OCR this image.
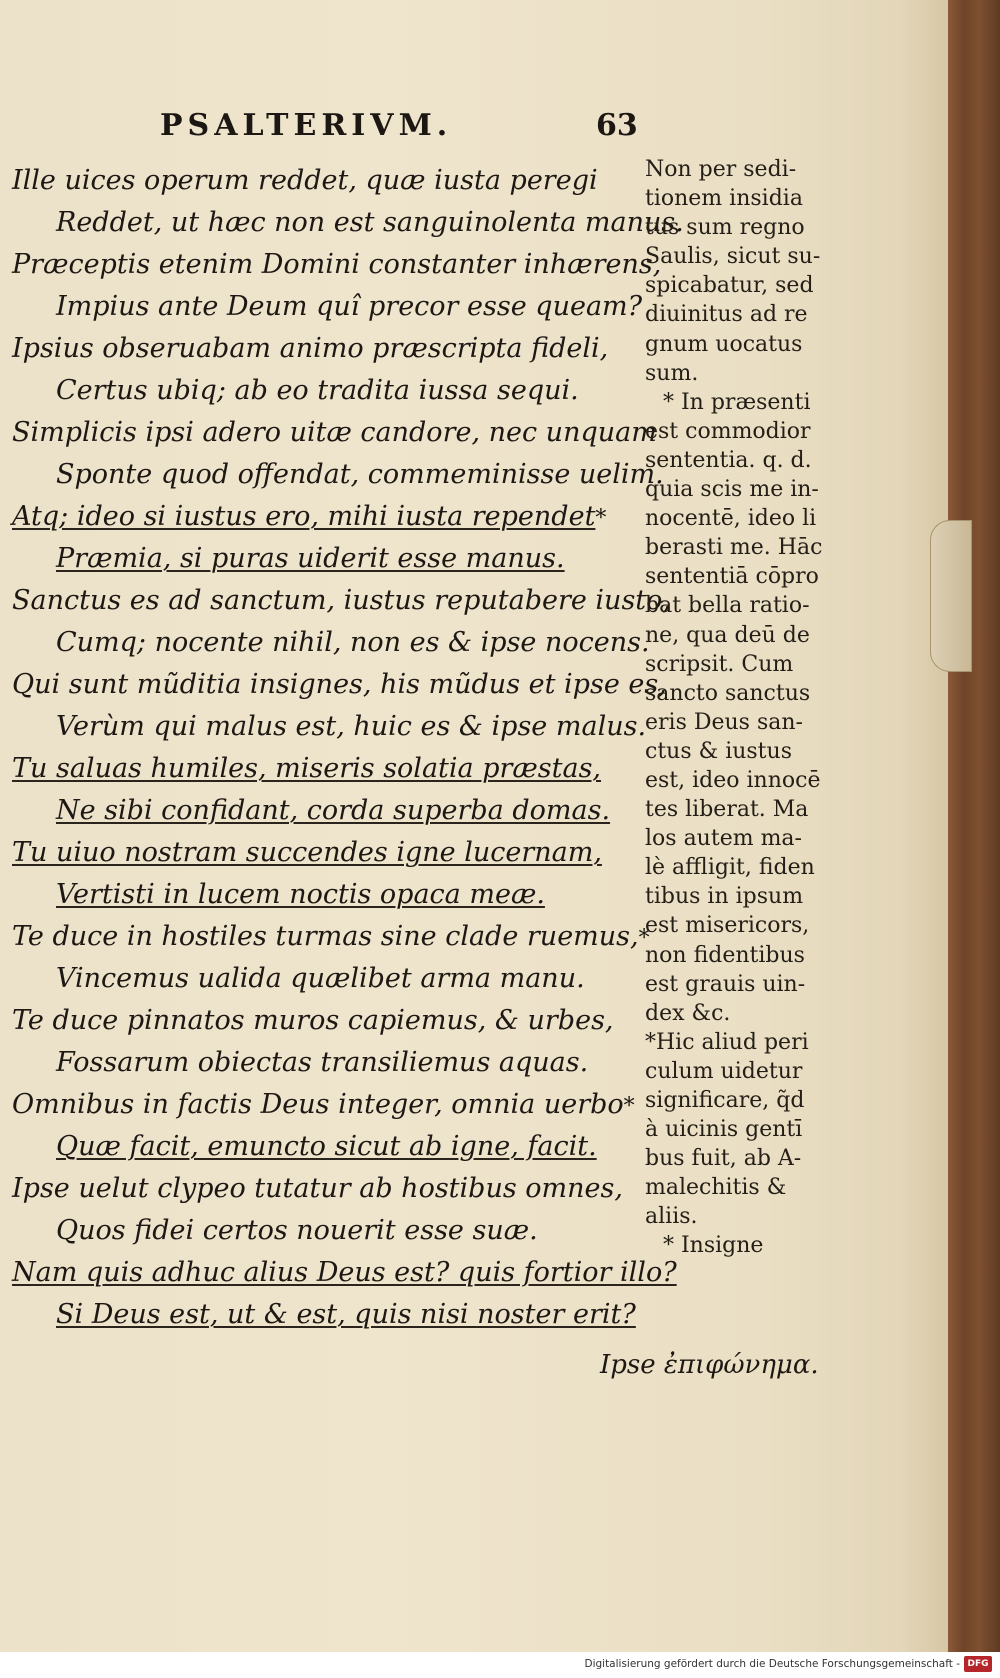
PSALTERIVM.	63
Ille uices operum reddet, quæ iusta peregi
Reddet, ut hæc non est sanguinolenta manus.
Præceptis etenim Domini constanter inhærens,
Impius ante Deum quî precor esse queam?
Ipsius obseruabam animo præscripta fideli,
Certus ubiq; ab eo tradita iussa sequi.
Simplicis ipsi adero uitæ candore, nec unquam
Sponte quod offendat, commeminisse uelim.
Atq; ideo si iustus ero, mihi iusta rependet*
Præmia, si puras uiderit esse manus.
Sanctus es ad sanctum, iustus reputabere iusto,
Cumq; nocente nihil, non es & ipse nocens.
Qui sunt mũditia insignes, his mũdus et ipse es,
Verùm qui malus est, huic es & ipse malus.
Tu saluas humiles, miseris solatia præstas,
Ne sibi confidant, corda superba domas.
Tu uiuo nostram succendes igne lucernam,
Vertisti in lucem noctis opaca meæ.
Te duce in hostiles turmas sine clade ruemus,*
Vincemus ualida quælibet arma manu.
Te duce pinnatos muros capiemus, & urbes,
Fossarum obiectas transiliemus aquas.
Omnibus in factis Deus integer, omnia uerbo*
Quæ facit, emuncto sicut ab igne, facit.
Ipse uelut clypeo tutatur ab hostibus omnes,
Quos fidei certos nouerit esse suæ.
Nam quis adhuc alius Deus est? quis fortior illo?
Si Deus est, ut & est, quis nisi noster erit?
Non per sedi-
tionem insidia
tus sum regno
Saulis, sicut su-
spicabatur, sed
diuinitus ad re
gnum uocatus
sum.
* In præsenti
est commodior
sententia. q. d.
quia scis me in-
nocentē, ideo li
berasti me. Hāc
sententiā cōpro
bat bella ratio-
ne, qua deū de
scripsit. Cum
sancto sanctus
eris Deus san-
ctus & iustus
est, ideo innocē
tes liberat. Ma
los autem ma-
lè affligit, fiden
tibus in ipsum
est misericors,
non fidentibus
est grauis uin-
dex &c.
*Hic aliud peri
culum uidetur
significare, q̃d
à uicinis gentī
bus fuit, ab A-
malechitis &
aliis.
* Insigne
Ipse ἐπιφώνημα.
Digitalisierung gefördert durch die Deutsche Forschungsgemeinschaft - DFG
